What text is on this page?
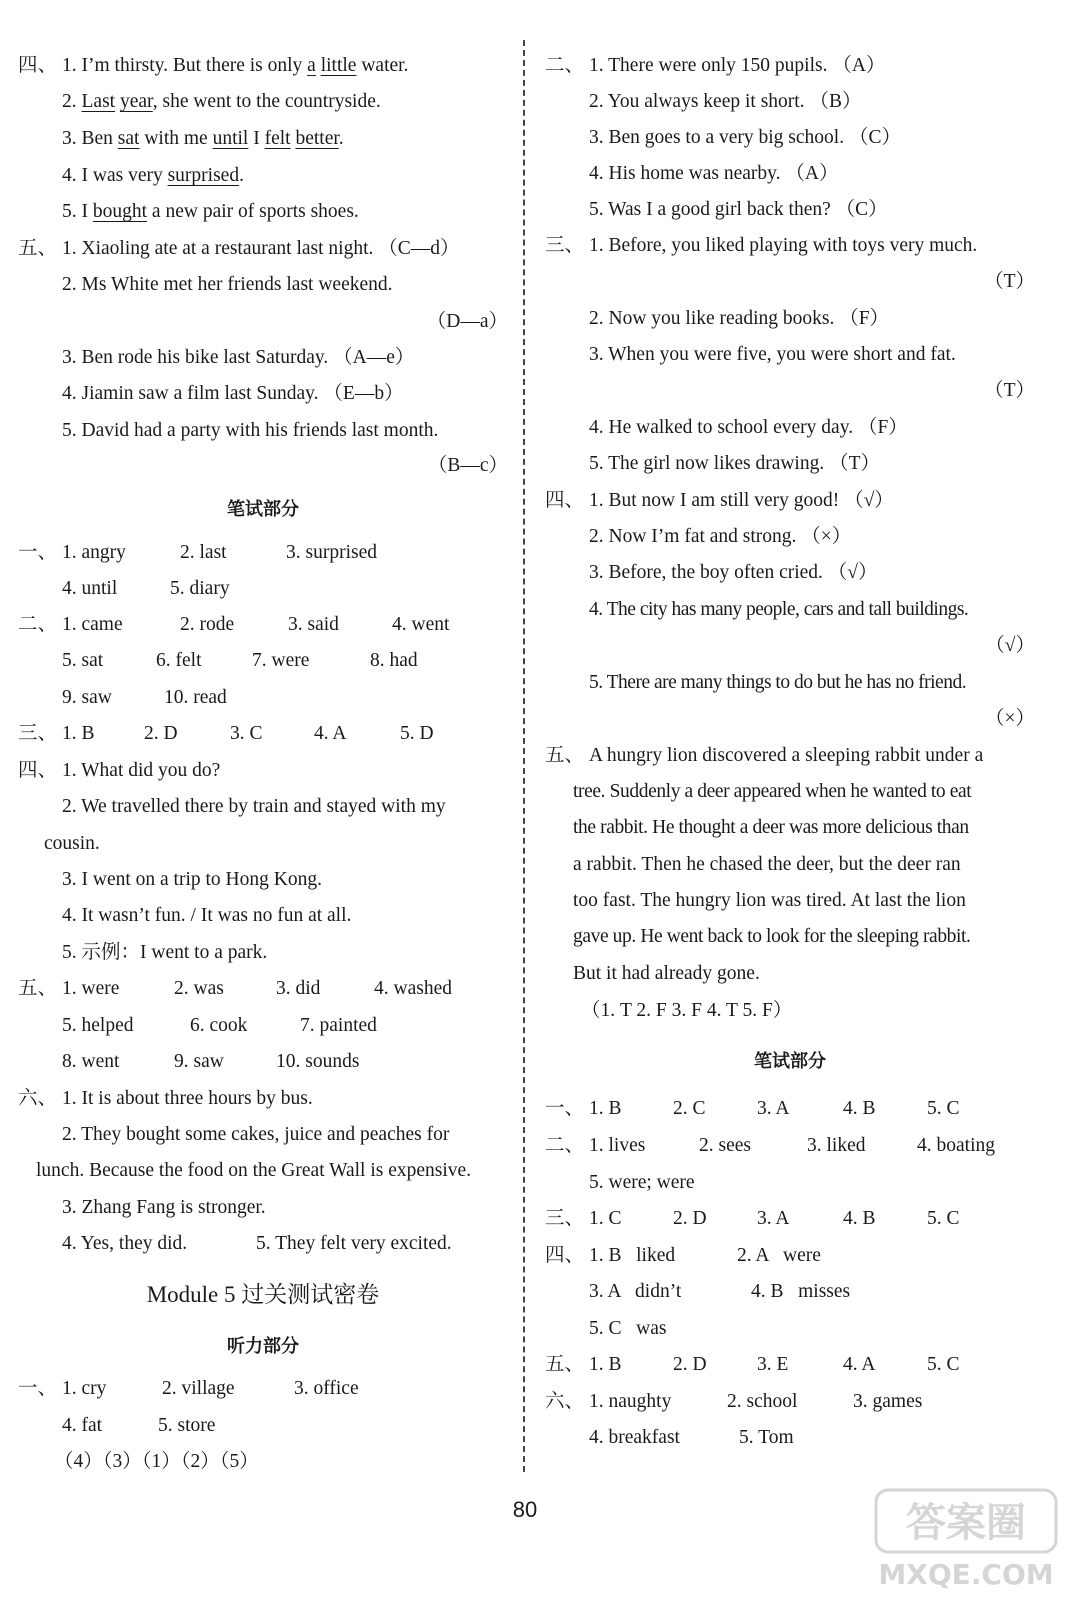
四、 1. I’m thirsty. But there is only a little water.
2. Last year, she went to the countryside.
3. Ben sat with me until I felt better.
4. I was very surprised.
5. I bought a new pair of sports shoes.
五、 1. Xiaoling ate at a restaurant last night. （C—d）
2. Ms White met her friends last weekend.
（D—a）
3. Ben rode his bike last Saturday. （A—e）
4. Jiamin saw a film last Sunday. （E—b）
5. David had a party with his friends last month.
（B—c）
笔试部分
一、 1. angry	2. last	3. surprised
4. until	5. diary
二、 1. came	2. rode	3. said	4. went
5. sat	6. felt	7. were	8. had
9. saw	10. read
三、 1. B	2. D	3. C	4. A	5. D
四、 1. What did you do?
2. We travelled there by train and stayed with my
cousin.
3. I went on a trip to Hong Kong.
4. It wasn’t fun. / It was no fun at all.
5. 示例：I went to a park.
五、 1. were	2. was	3. did	4. washed
5. helped	6. cook	7. painted
8. went	9. saw	10. sounds
六、 1. It is about three hours by bus.
2. They bought some cakes, juice and peaches for
lunch. Because the food on the Great Wall is expensive.
3. Zhang Fang is stronger.
4. Yes, they did.	5. They felt very excited.
Module 5 过关测试密卷
听力部分
一、 1. cry	2. village	3. office
4. fat	5. store
（4）（3）（1）（2）（5）
二、 1. There were only 150 pupils. （A）
2. You always keep it short. （B）
3. Ben goes to a very big school. （C）
4. His home was nearby. （A）
5. Was I a good girl back then? （C）
三、 1. Before, you liked playing with toys very much.
（T）
2. Now you like reading books. （F）
3. When you were five, you were short and fat.
（T）
4. He walked to school every day. （F）
5. The girl now likes drawing. （T）
四、 1. But now I am still very good! （√）
2. Now I’m fat and strong. （×）
3. Before, the boy often cried. （√）
4. The city has many people, cars and tall buildings.
（√）
5. There are many things to do but he has no friend.
（×）
五、 A hungry lion discovered a sleeping rabbit under a
tree. Suddenly a deer appeared when he wanted to eat
the rabbit. He thought a deer was more delicious than
a rabbit. Then he chased the deer, but the deer ran
too fast. The hungry lion was tired. At last the lion
gave up. He went back to look for the sleeping rabbit.
But it had already gone.
（1. T 2. F 3. F 4. T 5. F）
笔试部分
一、 1. B	2. C	3. A	4. B	5. C
二、 1. lives	2. sees	3. liked	4. boating
5. were; were
三、 1. C	2. D	3. A	4. B	5. C
四、 1. B   liked	2. A   were
3. A   didn’t	4. B   misses
5. C   was
五、 1. B	2. D	3. E	4. A	5. C
六、 1. naughty	2. school	3. games
4. breakfast	5. Tom
80	答案圈
MXQE.COM
